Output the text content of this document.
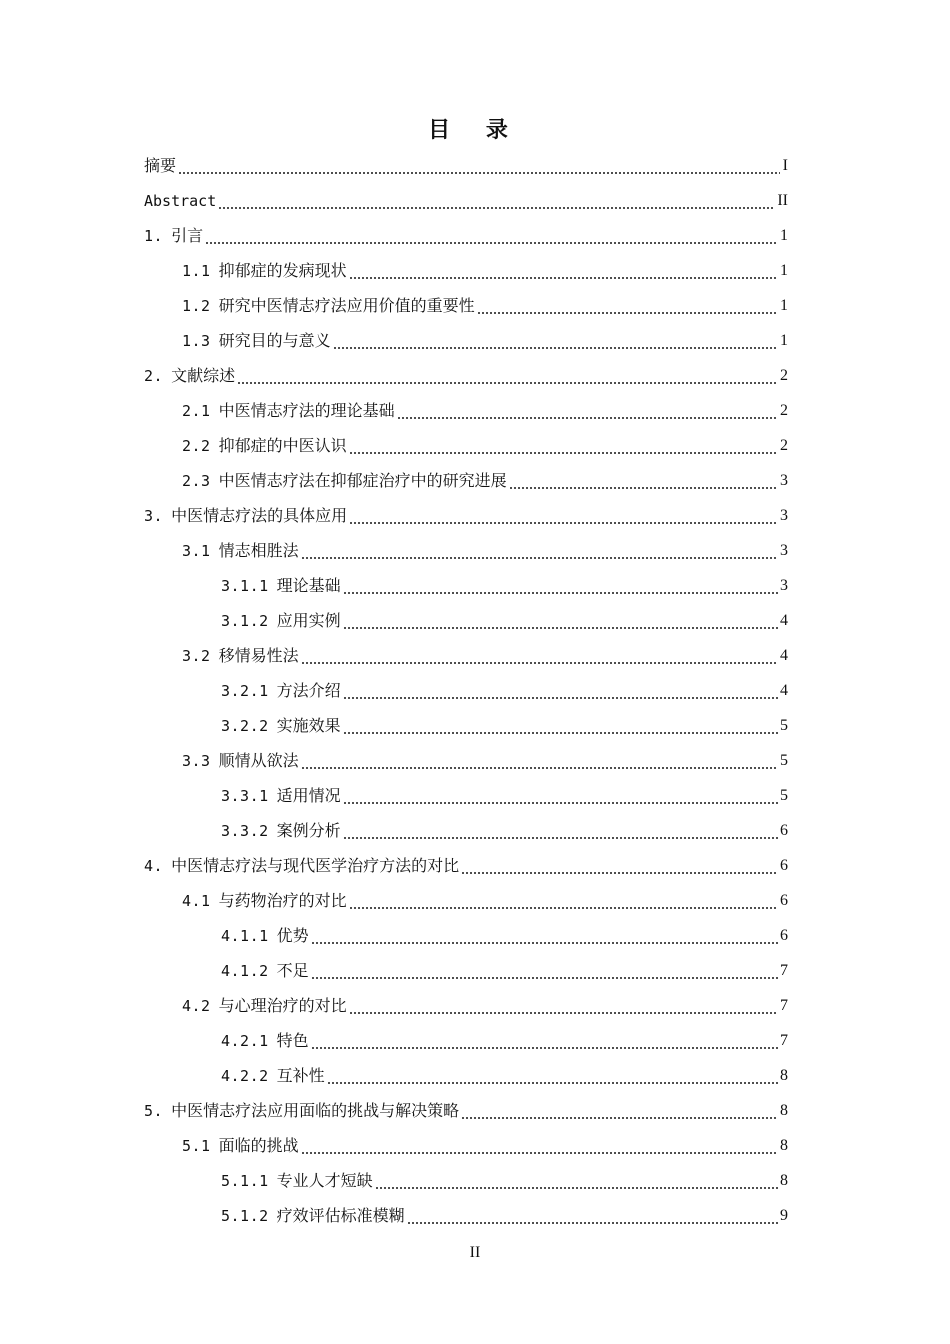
目 录
摘要	I
Abstract	II
1. 引言	1
1.1 抑郁症的发病现状	1
1.2 研究中医情志疗法应用价值的重要性	1
1.3 研究目的与意义	1
2. 文献综述	2
2.1 中医情志疗法的理论基础	2
2.2 抑郁症的中医认识	2
2.3 中医情志疗法在抑郁症治疗中的研究进展	3
3. 中医情志疗法的具体应用	3
3.1 情志相胜法	3
3.1.1 理论基础	3
3.1.2 应用实例	4
3.2 移情易性法	4
3.2.1 方法介绍	4
3.2.2 实施效果	5
3.3 顺情从欲法	5
3.3.1 适用情况	5
3.3.2 案例分析	6
4. 中医情志疗法与现代医学治疗方法的对比	6
4.1 与药物治疗的对比	6
4.1.1 优势	6
4.1.2 不足	7
4.2 与心理治疗的对比	7
4.2.1 特色	7
4.2.2 互补性	8
5. 中医情志疗法应用面临的挑战与解决策略	8
5.1 面临的挑战	8
5.1.1 专业人才短缺	8
5.1.2 疗效评估标准模糊	9
II
